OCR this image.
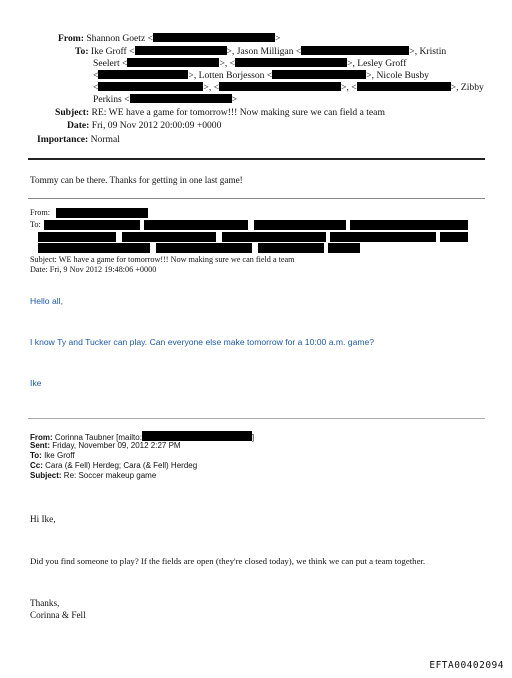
From: Shannon Goetz <	>
To: Ike Groff <	>, Jason Milligan <	>, Kristin
Seelert <	>, <	>, Lesley Groff
<	>, Lotten Borjesson <	>, Nicole Busby
<	>, <	>, <	>, Zibby
Perkins <	>
Subject: RE: WE have a game for tomorrow!!! Now making sure we can field a team
Date: Fri, 09 Nov 2012 20:00:09 +0000
Importance: Normal
Tommy can be there. Thanks for getting in one last game!
From:
To:
Subject: WE have a game for tomorrow!!! Now making sure we can field a team
Date: Fri, 9 Nov 2012 19:48:06 +0000
Hello all,
I know Ty and Tucker can play. Can everyone else make tomorrow for a 10:00 a.m. game?
Ike
From: Corinna Taubner [mailto:	]
Sent: Friday, November 09, 2012 2:27 PM
To: Ike Groff
Cc: Cara (& Fell) Herdeg; Cara (& Fell) Herdeg
Subject: Re: Soccer makeup game
Hi Ike,
Did you find someone to play? If the fields are open (they're closed today), we think we can put a team together.
Thanks,
Corinna & Fell
EFTA00402094
